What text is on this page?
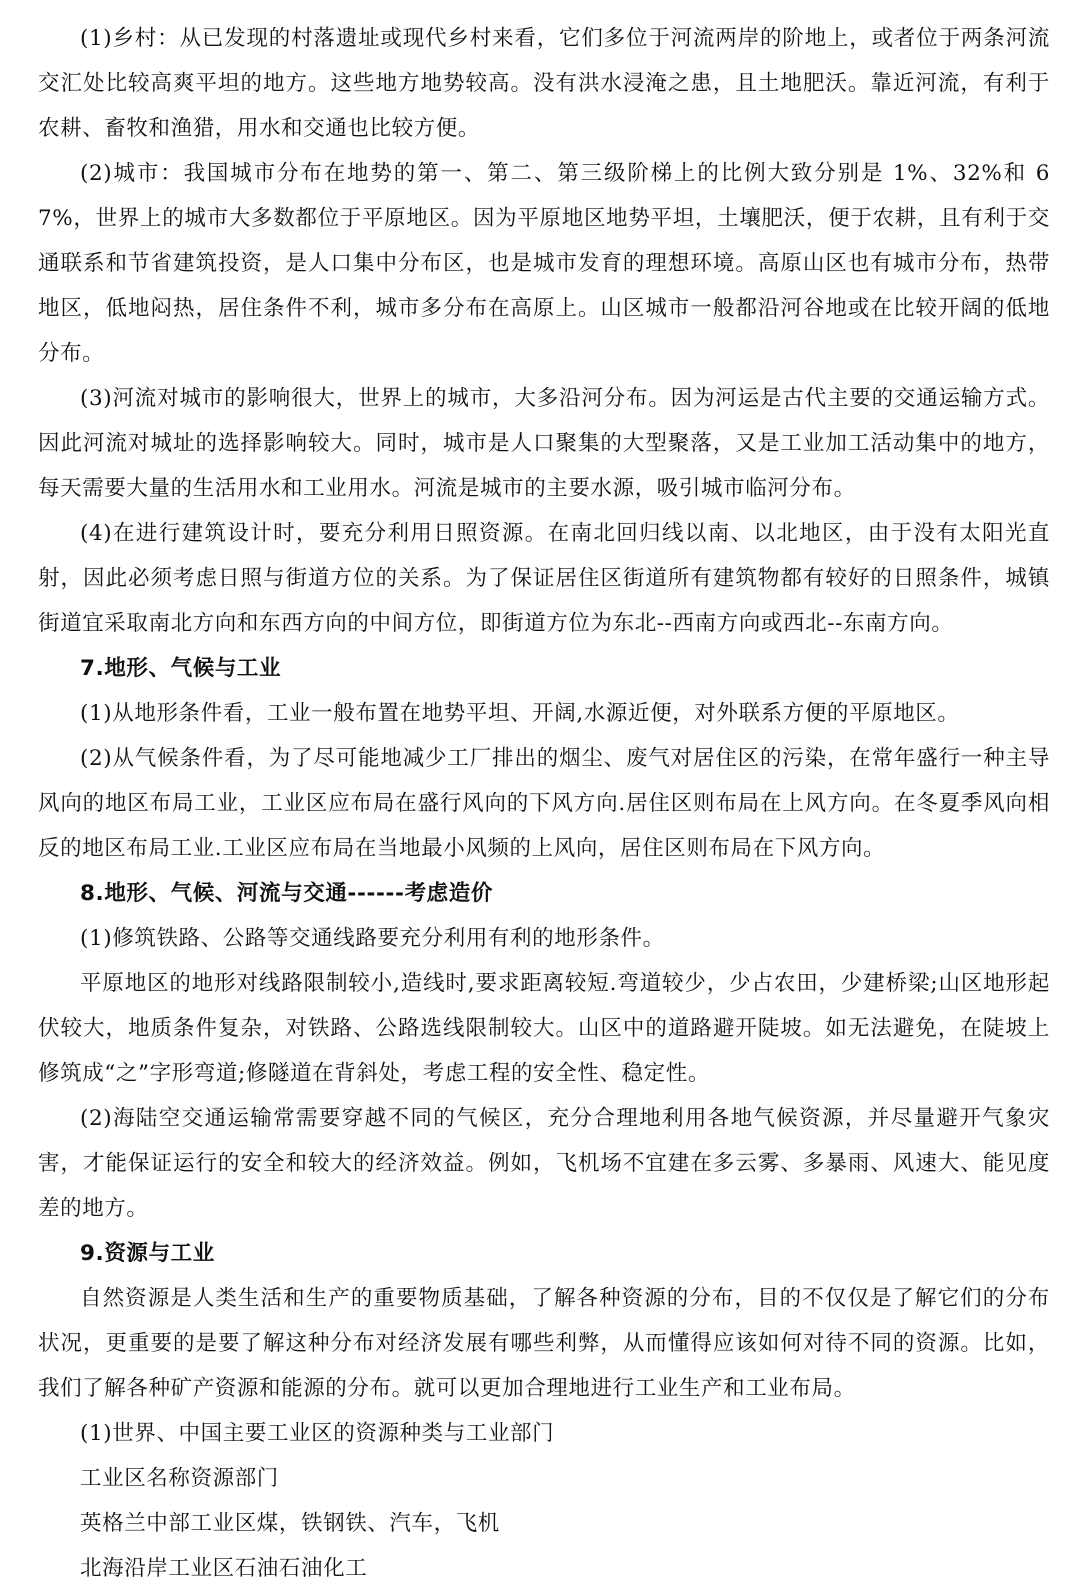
(1)乡村：从已发现的村落遗址或现代乡村来看，它们多位于河流两岸的阶地上，或者位于两条河流交汇处比较高爽平坦的地方。这些地方地势较高。没有洪水浸淹之患，且土地肥沃。靠近河流，有利于农耕、畜牧和渔猎，用水和交通也比较方便。

(2)城市：我国城市分布在地势的第一、第二、第三级阶梯上的比例大致分别是 1%、32%和 67%，世界上的城市大多数都位于平原地区。因为平原地区地势平坦，土壤肥沃，便于农耕，且有利于交通联系和节省建筑投资，是人口集中分布区，也是城市发育的理想环境。高原山区也有城市分布，热带地区，低地闷热，居住条件不利，城市多分布在高原上。山区城市一般都沿河谷地或在比较开阔的低地分布。

(3)河流对城市的影响很大，世界上的城市，大多沿河分布。因为河运是古代主要的交通运输方式。因此河流对城址的选择影响较大。同时，城市是人口聚集的大型聚落，又是工业加工活动集中的地方，每天需要大量的生活用水和工业用水。河流是城市的主要水源，吸引城市临河分布。

(4)在进行建筑设计时，要充分利用日照资源。在南北回归线以南、以北地区，由于没有太阳光直射，因此必须考虑日照与街道方位的关系。为了保证居住区街道所有建筑物都有较好的日照条件，城镇街道宜采取南北方向和东西方向的中间方位，即街道方位为东北--西南方向或西北--东南方向。

7.地形、气候与工业

(1)从地形条件看，工业一般布置在地势平坦、开阔,水源近便，对外联系方便的平原地区。

(2)从气候条件看，为了尽可能地减少工厂排出的烟尘、废气对居住区的污染，在常年盛行一种主导风向的地区布局工业，工业区应布局在盛行风向的下风方向.居住区则布局在上风方向。在冬夏季风向相反的地区布局工业.工业区应布局在当地最小风频的上风向，居住区则布局在下风方向。

8.地形、气候、河流与交通------考虑造价

(1)修筑铁路、公路等交通线路要充分利用有利的地形条件。

平原地区的地形对线路限制较小,造线时,要求距离较短.弯道较少，少占农田，少建桥梁;山区地形起伏较大，地质条件复杂，对铁路、公路选线限制较大。山区中的道路避开陡坡。如无法避免，在陡坡上修筑成“之”字形弯道;修隧道在背斜处，考虑工程的安全性、稳定性。

(2)海陆空交通运输常需要穿越不同的气候区，充分合理地利用各地气候资源，并尽量避开气象灾害，才能保证运行的安全和较大的经济效益。例如，飞机场不宜建在多云雾、多暴雨、风速大、能见度差的地方。

9.资源与工业

自然资源是人类生活和生产的重要物质基础，了解各种资源的分布，目的不仅仅是了解它们的分布状况，更重要的是要了解这种分布对经济发展有哪些利弊，从而懂得应该如何对待不同的资源。比如，我们了解各种矿产资源和能源的分布。就可以更加合理地进行工业生产和工业布局。

(1)世界、中国主要工业区的资源种类与工业部门

工业区名称资源部门

英格兰中部工业区煤，铁钢铁、汽车，飞机

北海沿岸工业区石油石油化工
